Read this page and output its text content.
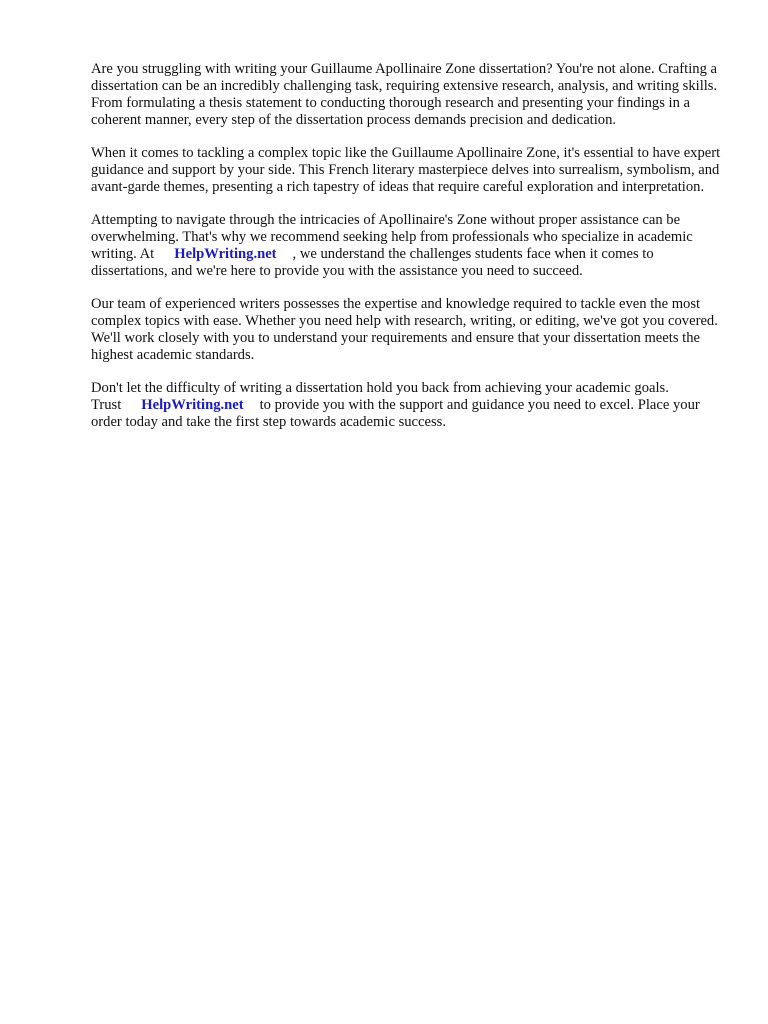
Are you struggling with writing your Guillaume Apollinaire Zone dissertation? You're not alone. Crafting a dissertation can be an incredibly challenging task, requiring extensive research, analysis, and writing skills. From formulating a thesis statement to conducting thorough research and presenting your findings in a coherent manner, every step of the dissertation process demands precision and dedication.

When it comes to tackling a complex topic like the Guillaume Apollinaire Zone, it's essential to have expert guidance and support by your side. This French literary masterpiece delves into surrealism, symbolism, and avant-garde themes, presenting a rich tapestry of ideas that require careful exploration and interpretation.

Attempting to navigate through the intricacies of Apollinaire's Zone without proper assistance can be overwhelming. That's why we recommend seeking help from professionals who specialize in academic writing. At HelpWriting.net , we understand the challenges students face when it comes to dissertations, and we're here to provide you with the assistance you need to succeed.

Our team of experienced writers possesses the expertise and knowledge required to tackle even the most complex topics with ease. Whether you need help with research, writing, or editing, we've got you covered. We'll work closely with you to understand your requirements and ensure that your dissertation meets the highest academic standards.

Don't let the difficulty of writing a dissertation hold you back from achieving your academic goals. Trust HelpWriting.net to provide you with the support and guidance you need to excel. Place your order today and take the first step towards academic success.
